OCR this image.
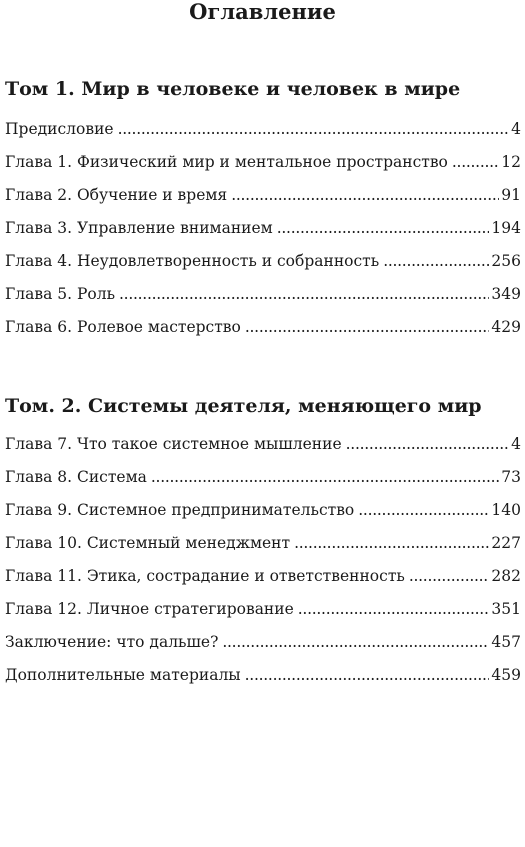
Оглавление
Том 1. Мир в человеке и человек в мире
Предисловие . . .	4
Глава 1. Физический мир и ментальное пространство . . .	12
Глава 2. Обучение и время . . .	91
Глава 3. Управление вниманием . . .	194
Глава 4. Неудовлетворенность и собранность . . .	256
Глава 5. Роль . . .	349
Глава 6. Ролевое мастерство . . .	429
Том. 2. Системы деятеля, меняющего мир
Глава 7. Что такое системное мышление . . .	4
Глава 8. Система . . .	73
Глава 9. Системное предпринимательство . . .	140
Глава 10. Системный менеджмент . . .	227
Глава 11. Этика, сострадание и ответственность . . .	282
Глава 12. Личное стратегирование . . .	351
Заключение: что дальше? . . .	457
Дополнительные материалы . . .	459
